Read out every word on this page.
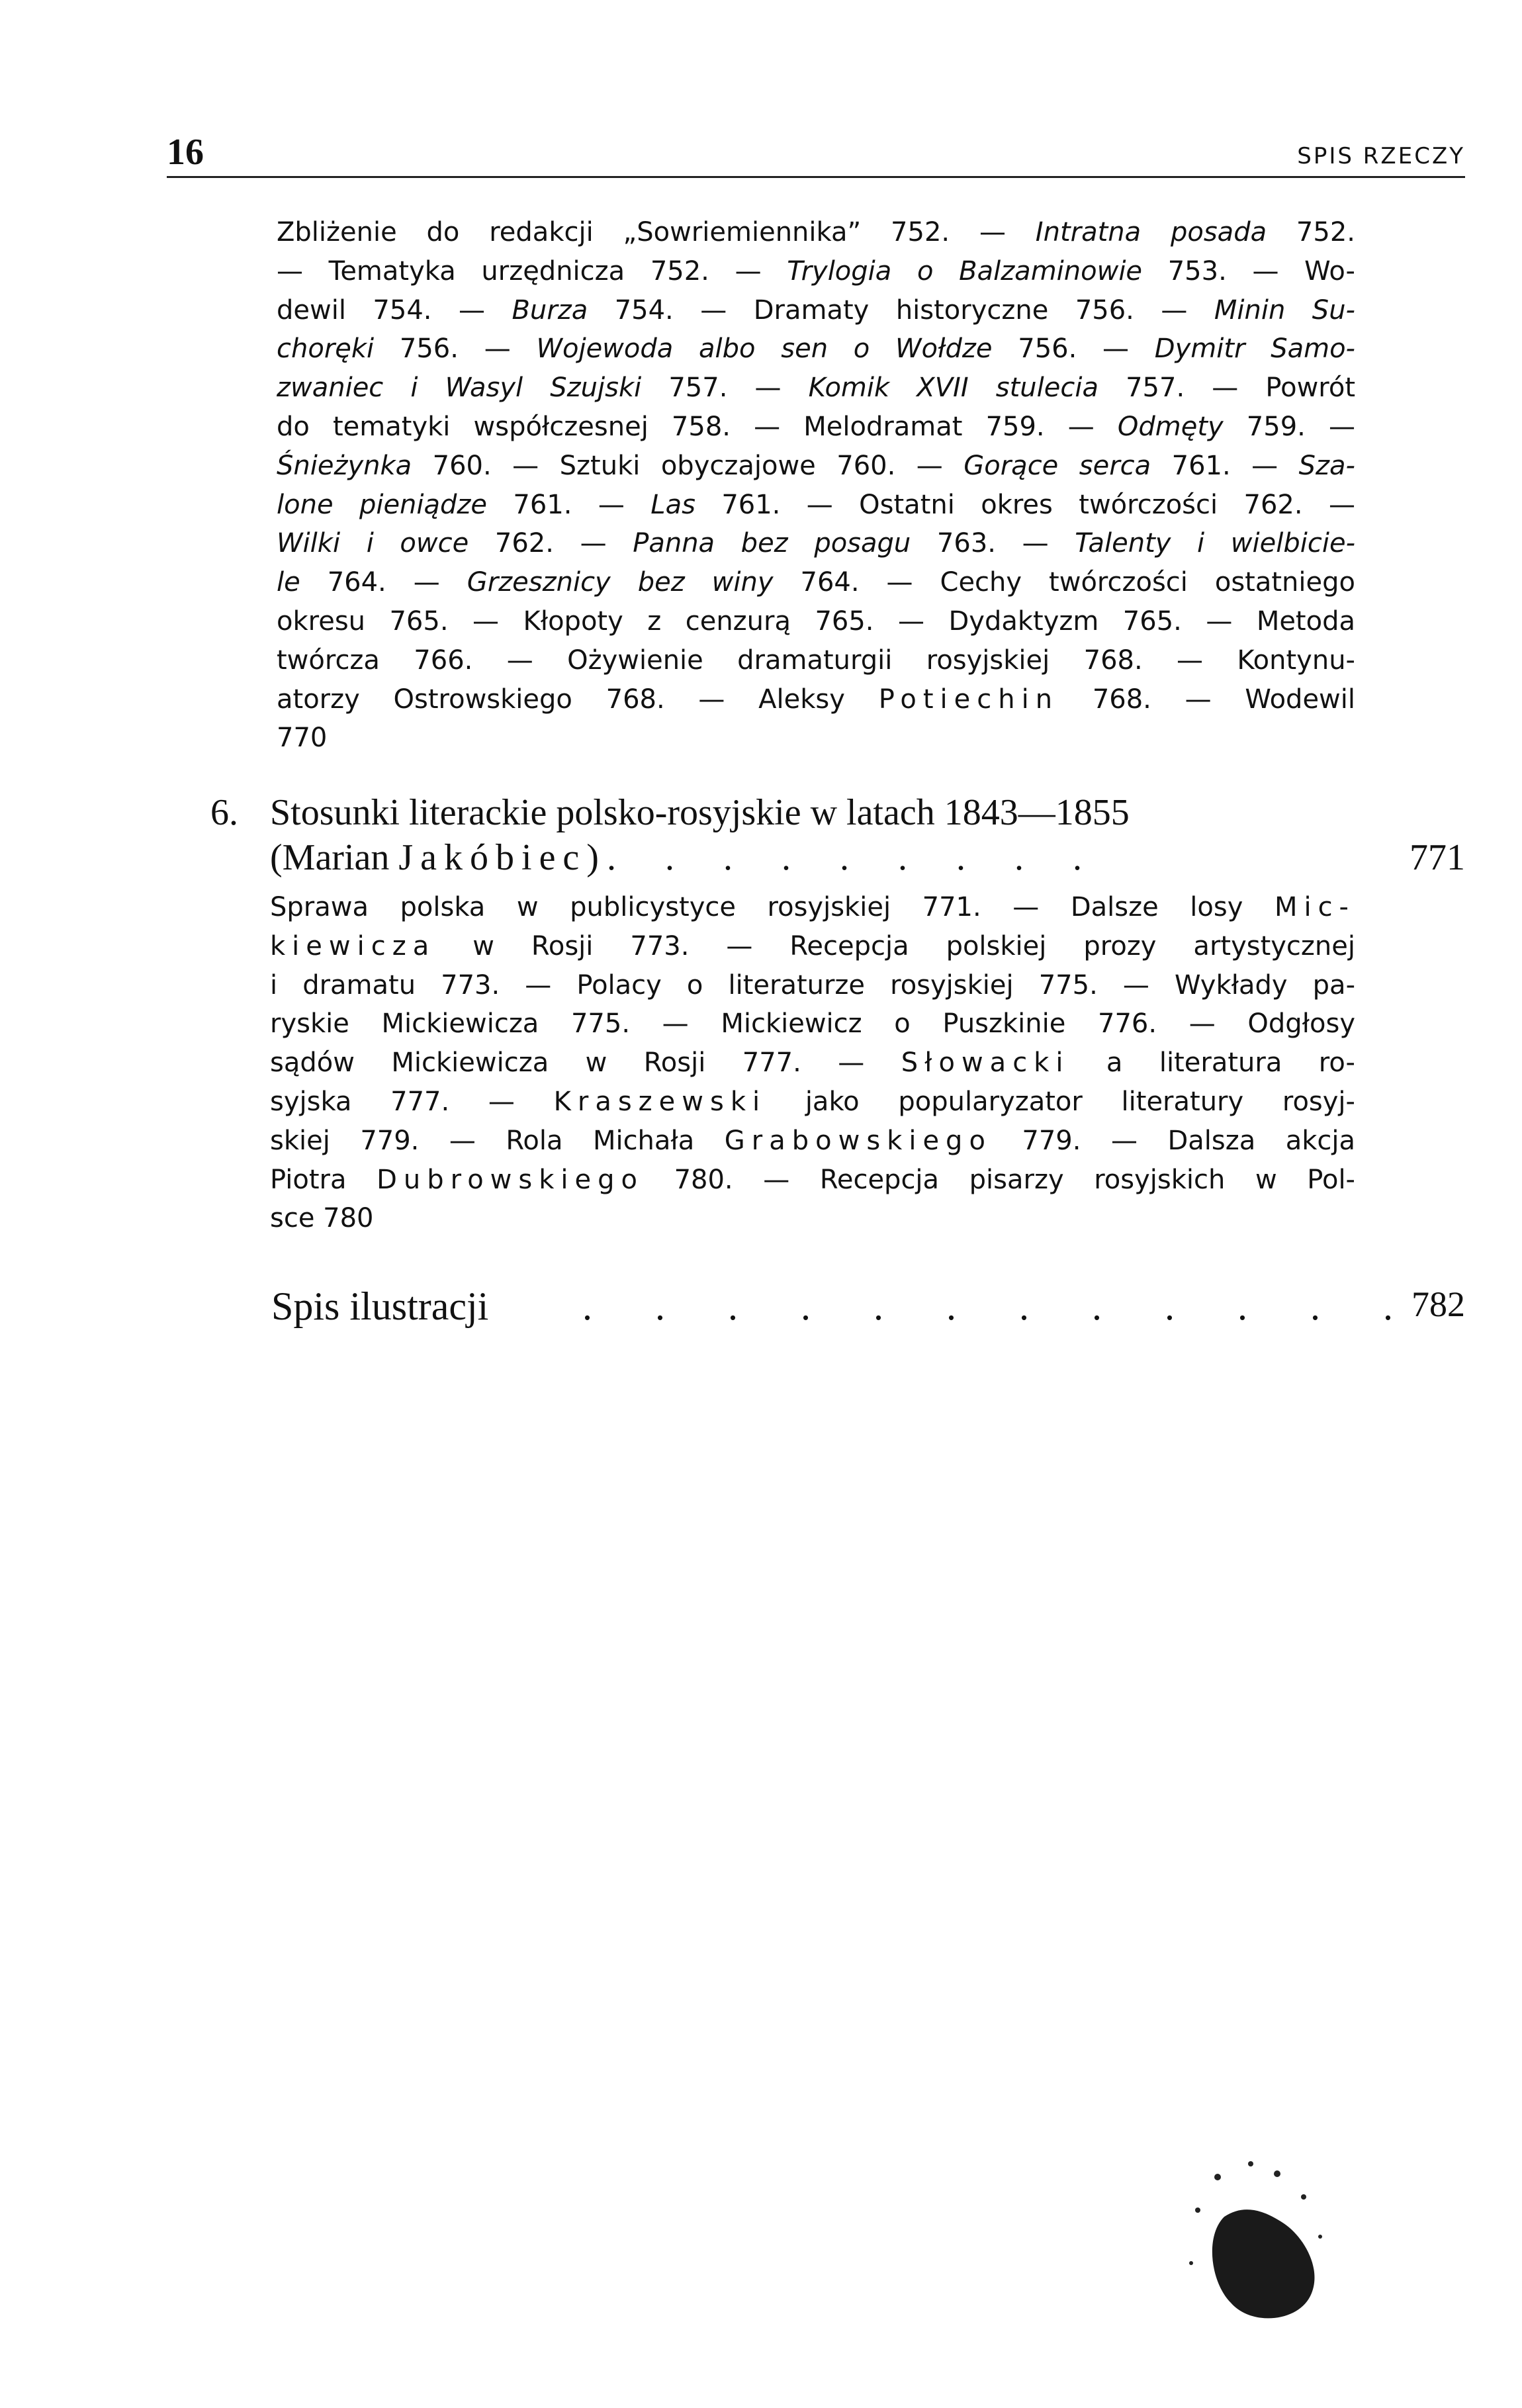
16	SPIS RZECZY
Zbliżenie do redakcji „Sowriemiennika” 752. — Intratna posada 752.
— Tematyka urzędnicza 752. — Trylogia o Balzaminowie 753. — Wo-
dewil 754. — Burza 754. — Dramaty historyczne 756. — Minin Su-
choręki 756. — Wojewoda albo sen o Wołdze 756. — Dymitr Samo-
zwaniec i Wasyl Szujski 757. — Komik XVII stulecia 757. — Powrót
do tematyki współczesnej 758. — Melodramat 759. — Odmęty 759. —
Śnieżynka 760. — Sztuki obyczajowe 760. — Gorące serca 761. — Sza-
lone pieniądze 761. — Las 761. — Ostatni okres twórczości 762. —
Wilki i owce 762. — Panna bez posagu 763. — Talenty i wielbicie-
le 764. — Grzesznicy bez winy 764. — Cechy twórczości ostatniego
okresu 765. — Kłopoty z cenzurą 765. — Dydaktyzm 765. — Metoda
twórcza 766. — Ożywienie dramaturgii rosyjskiej 768. — Kontynu-
atorzy Ostrowskiego 768. — Aleksy Potiechin 768. — Wodewil
770
6. Stosunki literackie polsko-rosyjskie w latach 1843—1855
(Marian Jakóbiec) . . . . . . . . .	771
Sprawa polska w publicystyce rosyjskiej 771. — Dalsze losy Mic-
kiewicza w Rosji 773. — Recepcja polskiej prozy artystycznej
i dramatu 773. — Polacy o literaturze rosyjskiej 775. — Wykłady pa-
ryskie Mickiewicza 775. — Mickiewicz o Puszkinie 776. — Odgłosy
sądów Mickiewicza w Rosji 777. — Słowacki a literatura ro-
syjska 777. — Kraszewski jako popularyzator literatury rosyj-
skiej 779. — Rola Michała Grabowskiego 779. — Dalsza akcja
Piotra Dubrowskiego 780. — Recepcja pisarzy rosyjskich w Pol-
sce 780
Spis ilustracji . . . . . . . . . . . .
782
